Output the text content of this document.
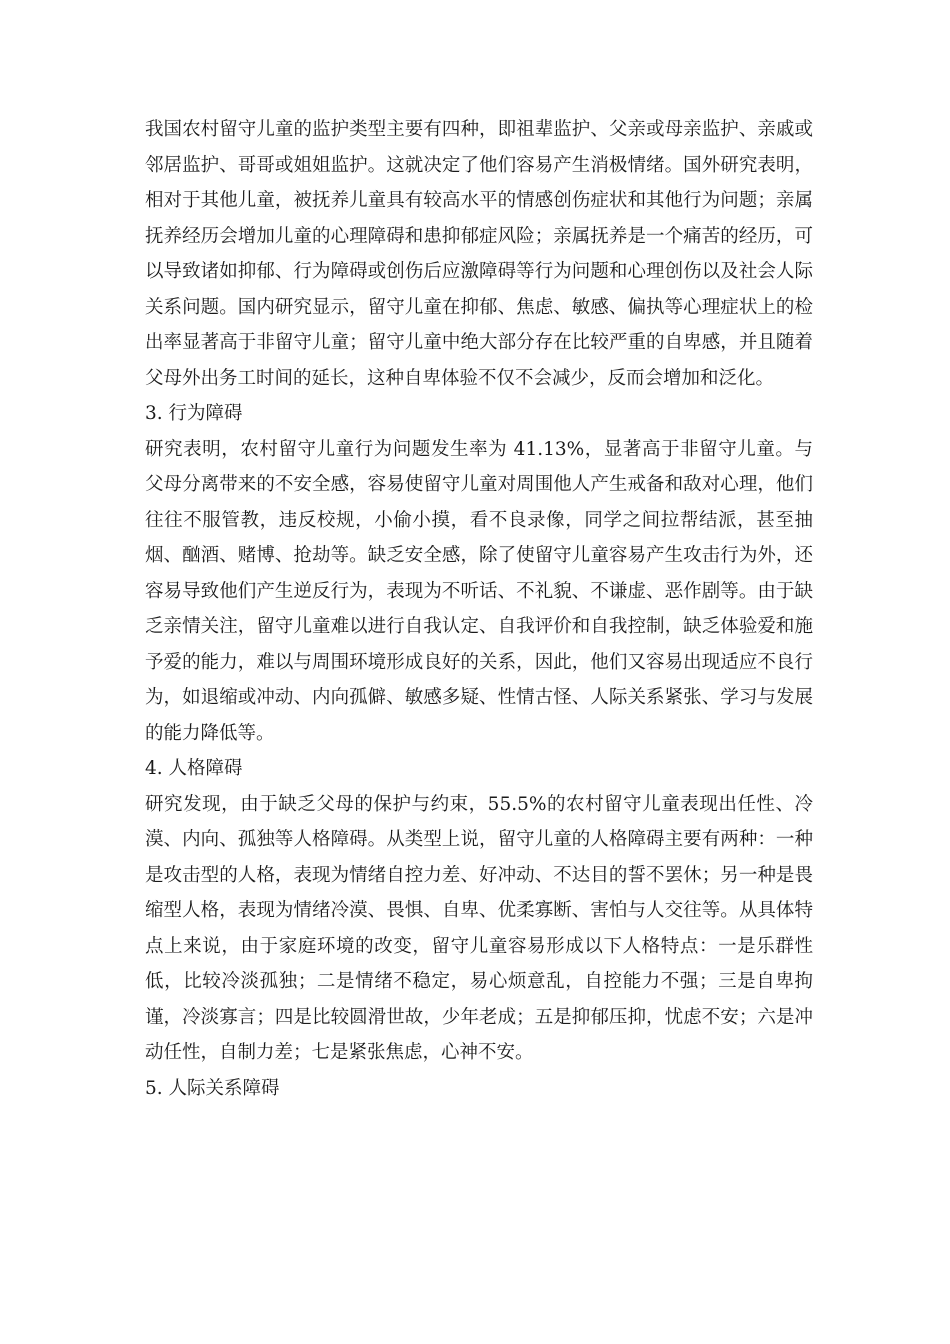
我国农村留守儿童的监护类型主要有四种，即祖辈监护、父亲或母亲监护、亲戚或邻居监护、哥哥或姐姐监护。这就决定了他们容易产生消极情绪。国外研究表明，相对于其他儿童，被抚养儿童具有较高水平的情感创伤症状和其他行为问题；亲属抚养经历会增加儿童的心理障碍和患抑郁症风险；亲属抚养是一个痛苦的经历，可以导致诸如抑郁、行为障碍或创伤后应激障碍等行为问题和心理创伤以及社会人际关系问题。国内研究显示，留守儿童在抑郁、焦虑、敏感、偏执等心理症状上的检出率显著高于非留守儿童；留守儿童中绝大部分存在比较严重的自卑感，并且随着父母外出务工时间的延长，这种自卑体验不仅不会减少，反而会增加和泛化。

3. 行为障碍

研究表明，农村留守儿童行为问题发生率为 41.13%，显著高于非留守儿童。与父母分离带来的不安全感，容易使留守儿童对周围他人产生戒备和敌对心理，他们往往不服管教，违反校规，小偷小摸，看不良录像，同学之间拉帮结派，甚至抽烟、酗酒、赌博、抢劫等。缺乏安全感，除了使留守儿童容易产生攻击行为外，还容易导致他们产生逆反行为，表现为不听话、不礼貌、不谦虚、恶作剧等。由于缺乏亲情关注，留守儿童难以进行自我认定、自我评价和自我控制，缺乏体验爱和施予爱的能力，难以与周围环境形成良好的关系，因此，他们又容易出现适应不良行为，如退缩或冲动、内向孤僻、敏感多疑、性情古怪、人际关系紧张、学习与发展的能力降低等。

4. 人格障碍

研究发现，由于缺乏父母的保护与约束，55.5%的农村留守儿童表现出任性、冷漠、内向、孤独等人格障碍。从类型上说，留守儿童的人格障碍主要有两种：一种是攻击型的人格，表现为情绪自控力差、好冲动、不达目的誓不罢休；另一种是畏缩型人格，表现为情绪冷漠、畏惧、自卑、优柔寡断、害怕与人交往等。从具体特点上来说，由于家庭环境的改变，留守儿童容易形成以下人格特点：一是乐群性低，比较冷淡孤独；二是情绪不稳定，易心烦意乱，自控能力不强；三是自卑拘谨，冷淡寡言；四是比较圆滑世故，少年老成；五是抑郁压抑，忧虑不安；六是冲动任性，自制力差；七是紧张焦虑，心神不安。

5. 人际关系障碍
